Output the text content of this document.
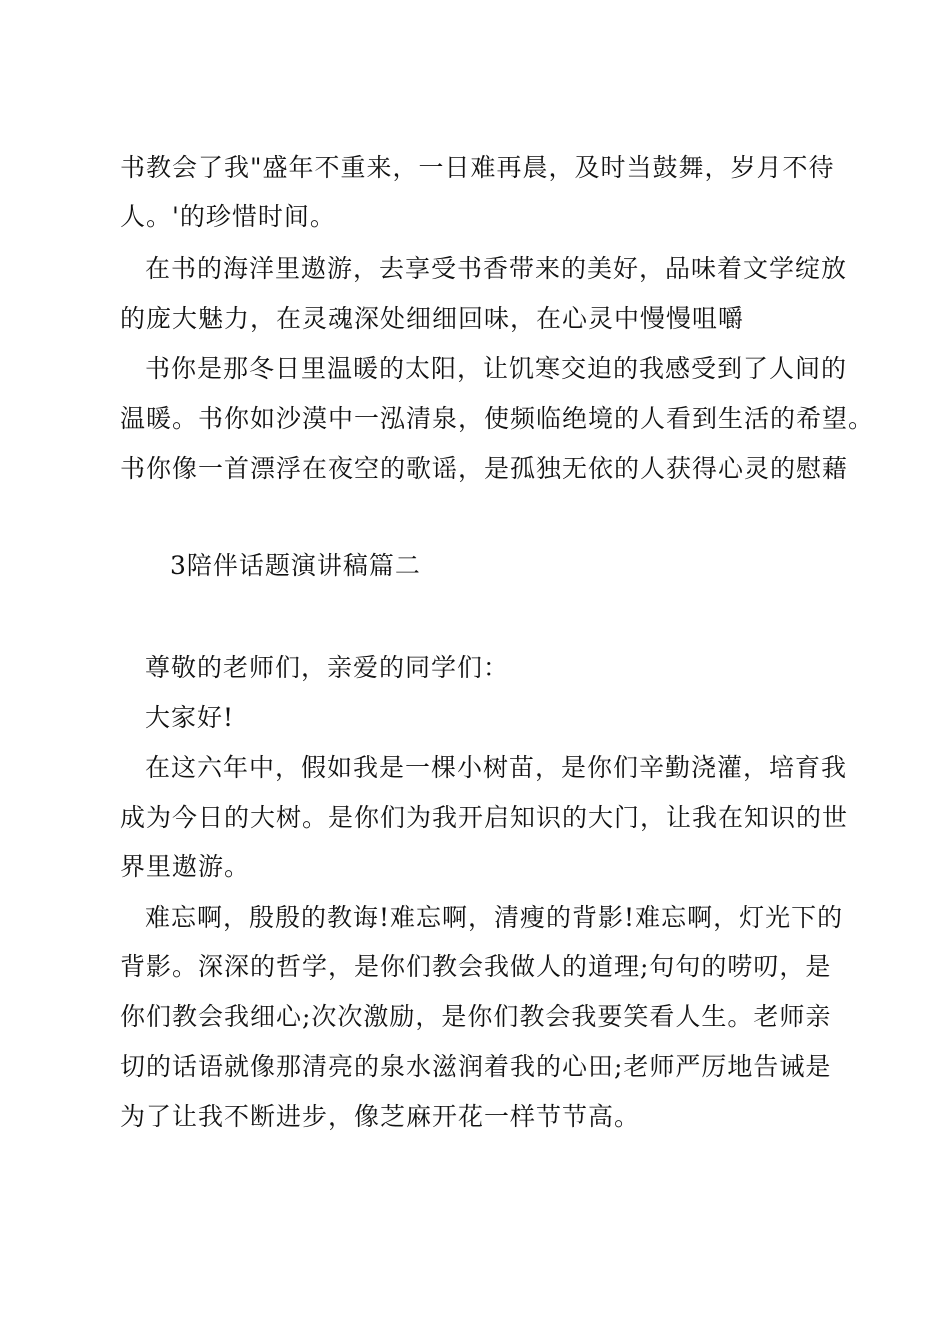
书教会了我"盛年不重来，一日难再晨，及时当鼓舞，岁月不待
人。'的珍惜时间。
在书的海洋里遨游，去享受书香带来的美好，品味着文学绽放
的庞大魅力，在灵魂深处细细回味，在心灵中慢慢咀嚼
书你是那冬日里温暖的太阳，让饥寒交迫的我感受到了人间的
温暖。书你如沙漠中一泓清泉，使频临绝境的人看到生活的希望。
书你像一首漂浮在夜空的歌谣，是孤独无依的人获得心灵的慰藉
3陪伴话题演讲稿篇二
尊敬的老师们，亲爱的同学们：
大家好!
在这六年中，假如我是一棵小树苗，是你们辛勤浇灌，培育我
成为今日的大树。是你们为我开启知识的大门，让我在知识的世
界里遨游。
难忘啊，殷殷的教诲!难忘啊，清瘦的背影!难忘啊，灯光下的
背影。深深的哲学，是你们教会我做人的道理;句句的唠叨，是
你们教会我细心;次次激励，是你们教会我要笑看人生。老师亲
切的话语就像那清亮的泉水滋润着我的心田;老师严厉地告诫是
为了让我不断进步，像芝麻开花一样节节高。
